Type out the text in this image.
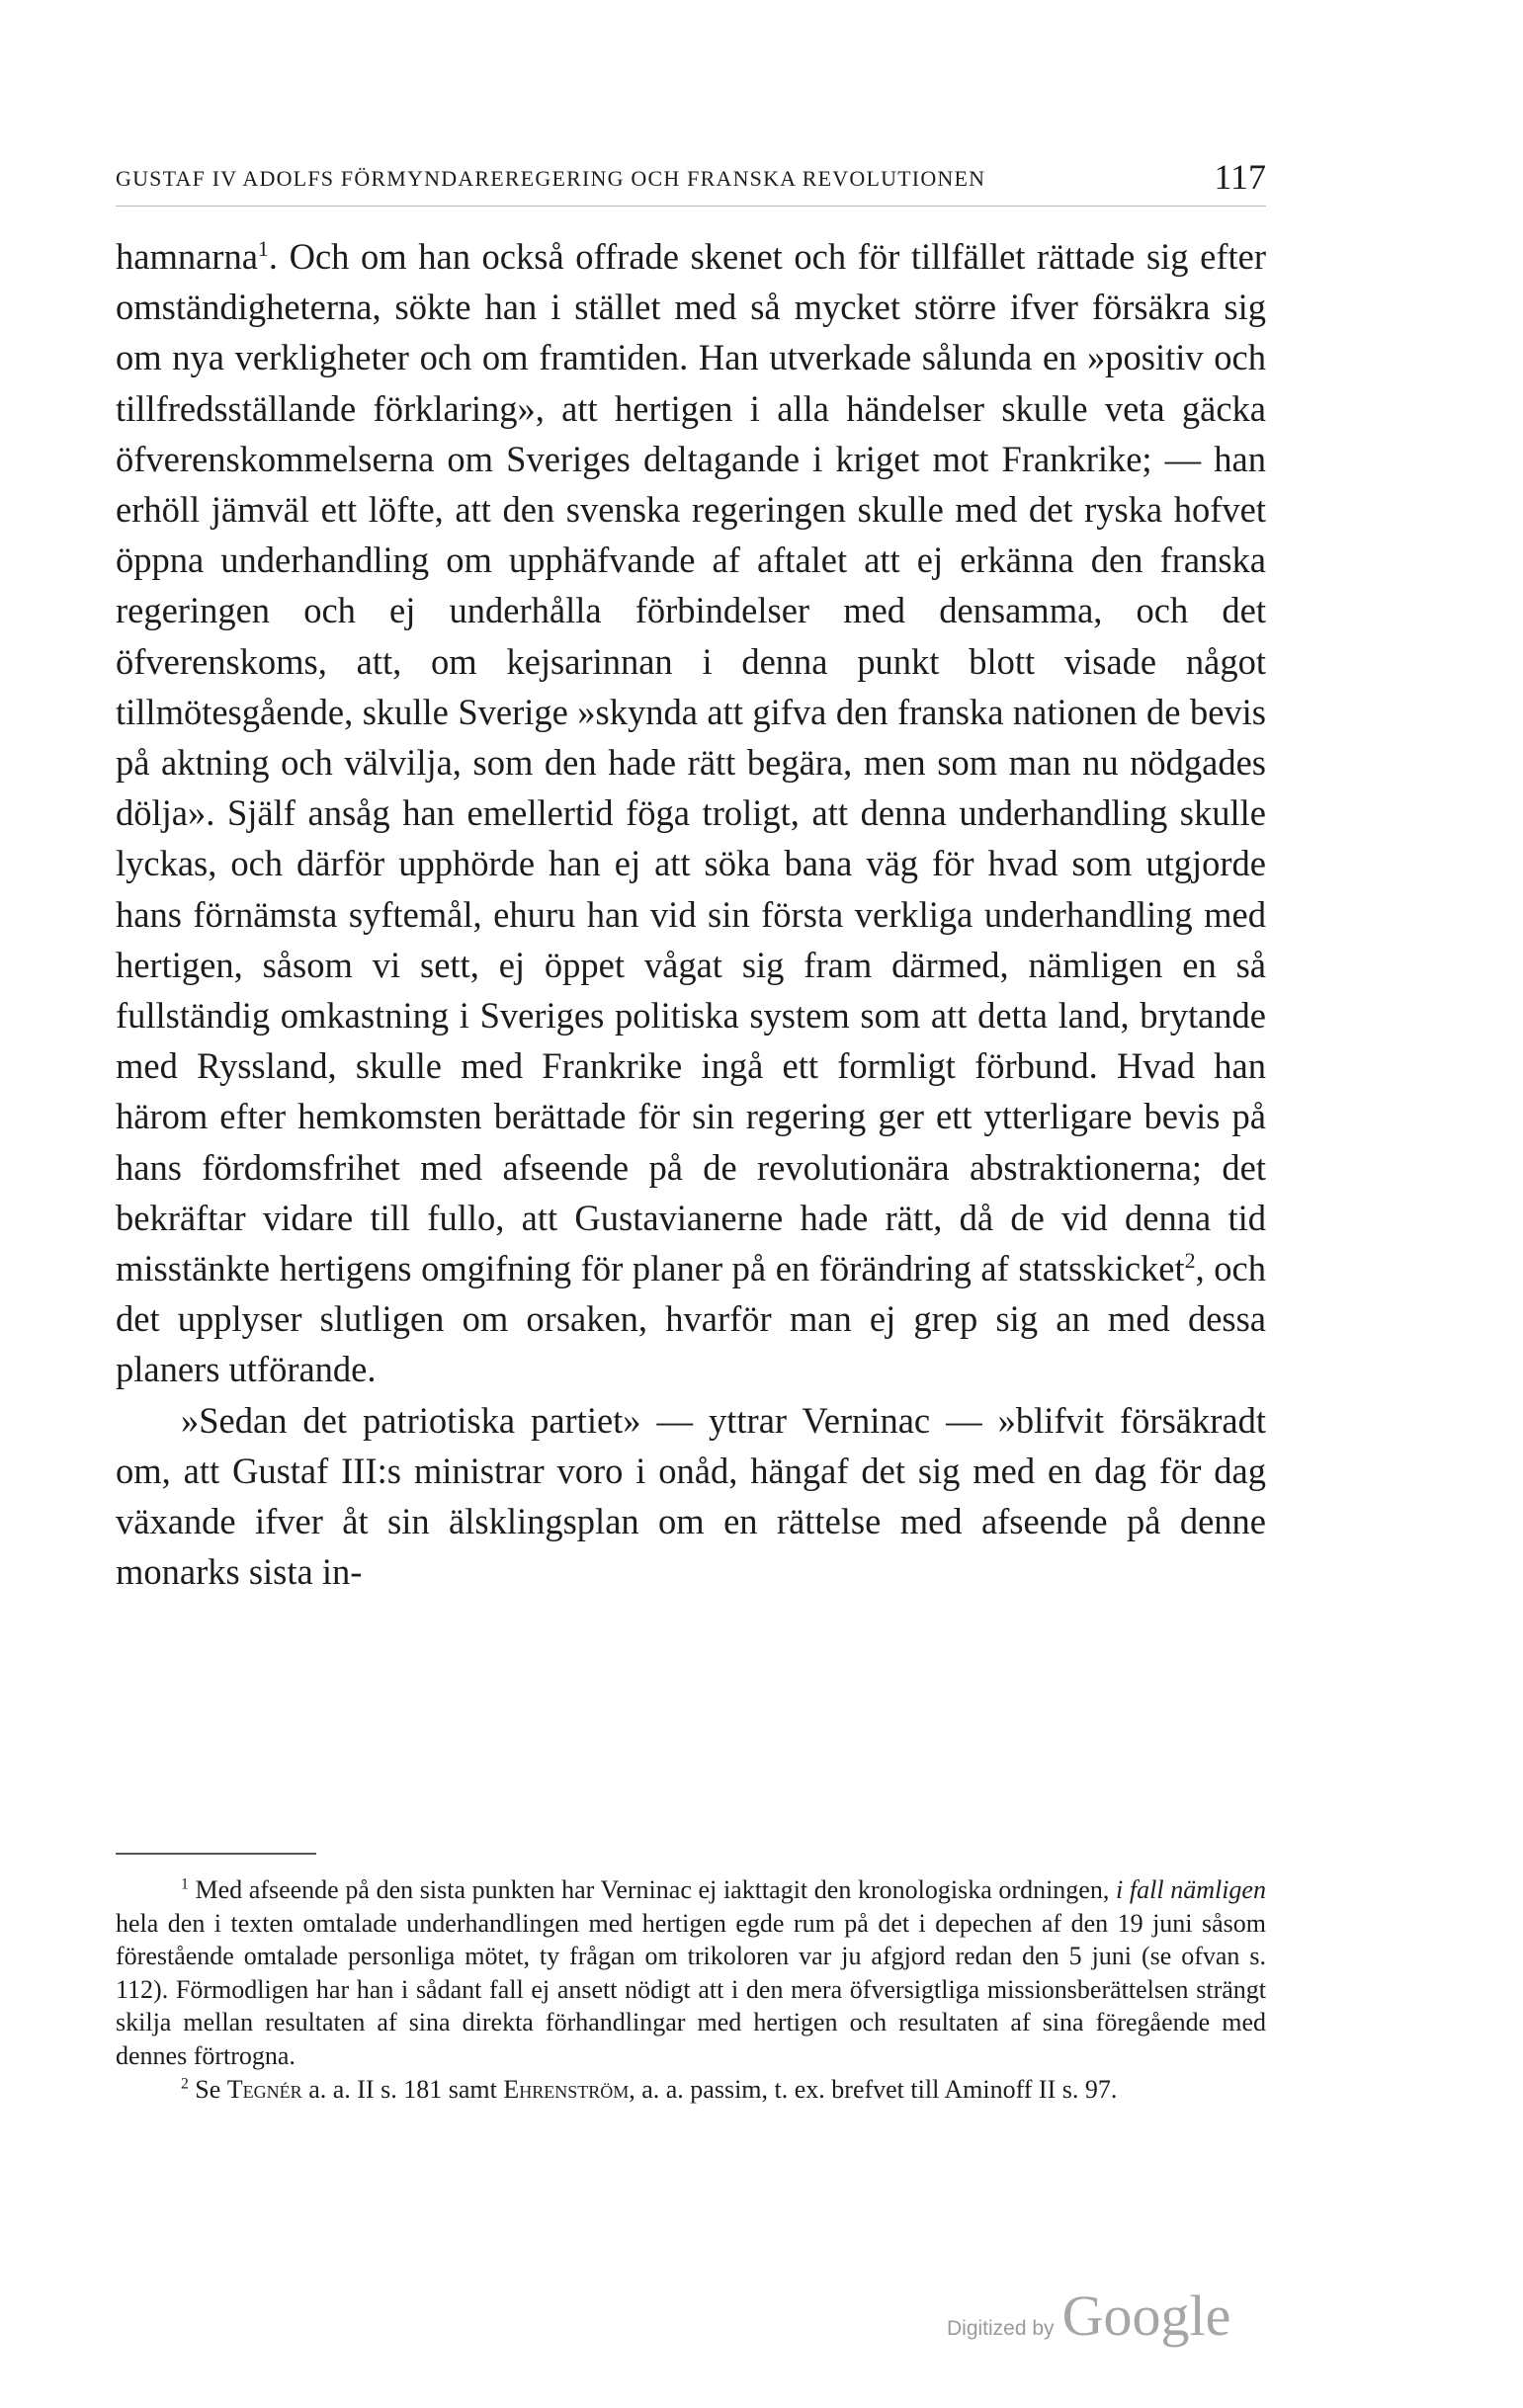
GUSTAF IV ADOLFS FÖRMYNDAREREGERING OCH FRANSKA REVOLUTIONEN	117

hamnarna$^1$. Och om han också offrade skenet och för tillfället rättade sig efter omständigheterna, sökte han i stället med så mycket större ifver försäkra sig om nya verkligheter och om framtiden. Han utverkade sålunda en »positiv och tillfredsställande förklaring», att hertigen i alla händelser skulle veta gäcka öfverenskommelserna om Sveriges deltagande i kriget mot Frankrike; — han erhöll jämväl ett löfte, att den svenska regeringen skulle med det ryska hofvet öppna underhandling om upphäfvande af aftalet att ej erkänna den franska regeringen och ej underhålla förbindelser med densamma, och det öfverenskoms, att, om kejsarinnan i denna punkt blott visade något tillmötesgående, skulle Sverige »skynda att gifva den franska nationen de bevis på aktning och välvilja, som den hade rätt begära, men som man nu nödgades dölja». Själf ansåg han emellertid föga troligt, att denna underhandling skulle lyckas, och därför upphörde han ej att söka bana väg för hvad som utgjorde hans förnämsta syftemål, ehuru han vid sin första verkliga underhandling med hertigen, såsom vi sett, ej öppet vågat sig fram därmed, nämligen en så fullständig omkastning i Sveriges politiska system som att detta land, brytande med Ryssland, skulle med Frankrike ingå ett formligt förbund. Hvad han härom efter hemkomsten berättade för sin regering ger ett ytterligare bevis på hans fördomsfrihet med afseende på de revolutionära abstraktionerna; det bekräftar vidare till fullo, att Gustavianerne hade rätt, då de vid denna tid misstänkte hertigens omgifning för planer på en förändring af statsskicket$^2$, och det upplyser slutligen om orsaken, hvarför man ej grep sig an med dessa planers utförande.

»Sedan det patriotiska partiet» — yttrar Verninac — »blifvit försäkradt om, att Gustaf III:s ministrar voro i onåd, hängaf det sig med en dag för dag växande ifver åt sin älsklingsplan om en rättelse med afseende på denne monarks sista in-

$^1$ Med afseende på den sista punkten har Verninac ej iakttagit den kronologiska ordningen, i fall nämligen hela den i texten omtalade underhandlingen med hertigen egde rum på det i depechen af den 19 juni såsom förestående omtalade personliga mötet, ty frågan om trikoloren var ju afgjord redan den 5 juni (se ofvan s. 112). Förmodligen har han i sådant fall ej ansett nödigt att i den mera öfversigtliga missionsberättelsen strängt skilja mellan resultaten af sina direkta förhandlingar med hertigen och resultaten af sina föregående med dennes förtrogna.

$^2$ Se Tegnér a. a. II s. 181 samt Ehrenström, a. a. passim, t. ex. brefvet till Aminoff II s. 97.

Digitized by Google
